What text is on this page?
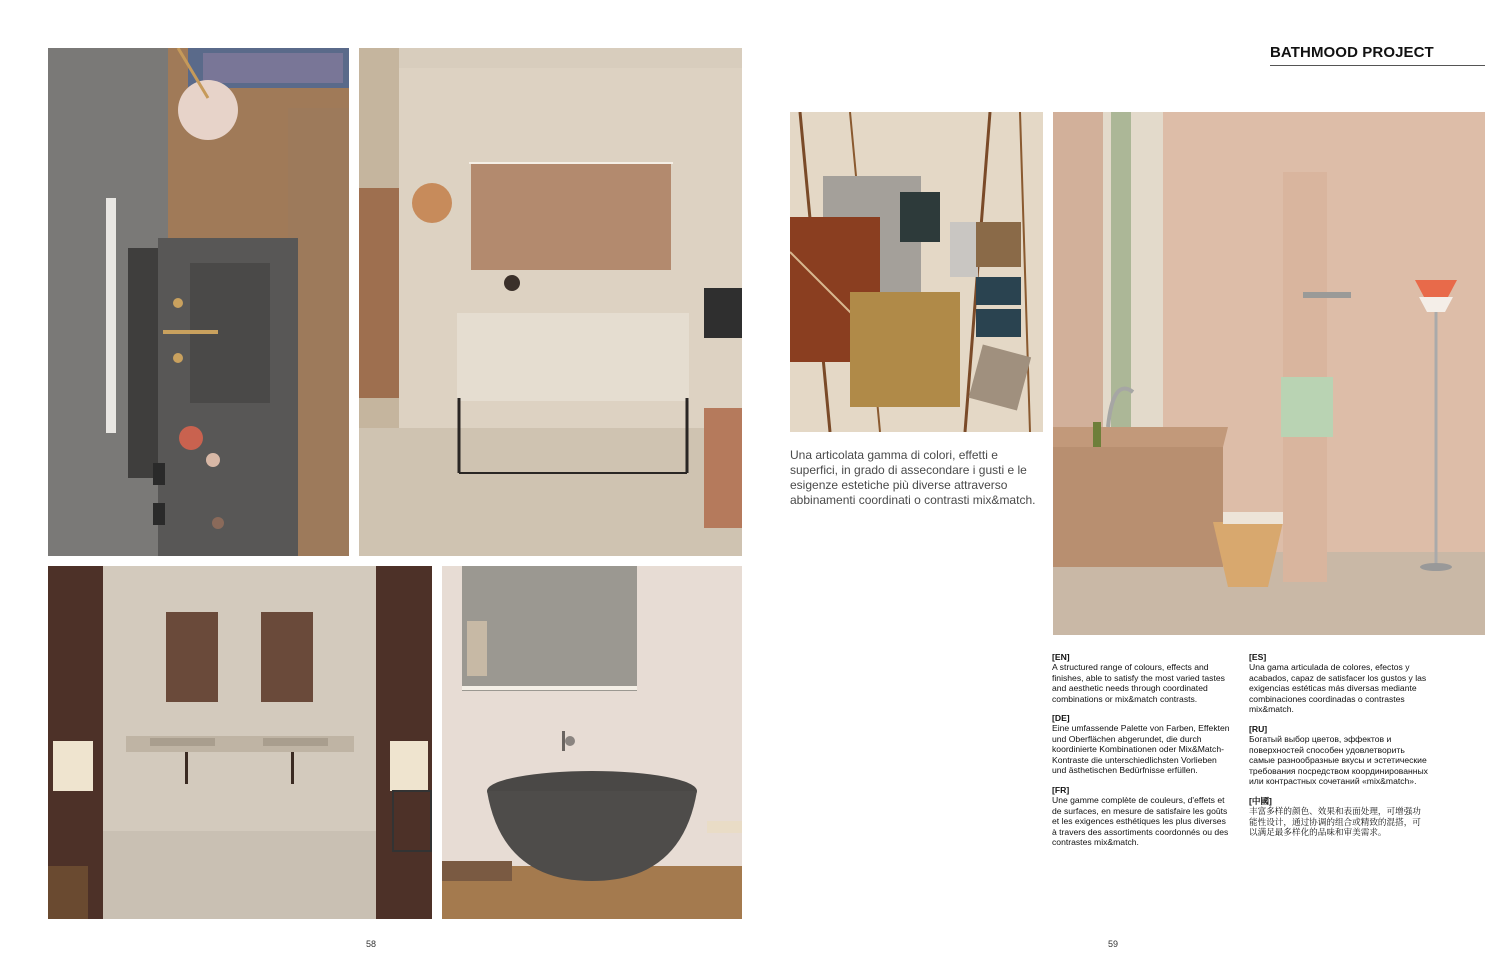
BATHMOOD PROJECT
Una articolata gamma di colori, effetti e superfici, in grado di assecondare i gusti e le esigenze estetiche più diverse attraverso abbinamenti coordinati o contrasti mix&match.
[EN]
A structured range of colours, effects and finishes, able to satisfy the most varied tastes and aesthetic needs through coordinated combinations or mix&match contrasts.
[DE]
Eine umfassende Palette von Farben, Effekten und Oberflächen abgerundet, die durch koordinierte Kombinationen oder Mix&Match-Kontraste die unterschiedlichsten Vorlieben und ästhetischen Bedürfnisse erfüllen.
[FR]
Une gamme complète de couleurs, d'effets et de surfaces, en mesure de satisfaire les goûts et les exigences esthétiques les plus diverses à travers des assortiments coordonnés ou des contrastes mix&match.
[ES]
Una gama articulada de colores, efectos y acabados, capaz de satisfacer los gustos y las exigencias estéticas más diversas mediante combinaciones coordinadas o contrastes mix&match.
[RU]
Богатый выбор цветов, эффектов и поверхностей способен удовлетворить самые разнообразные вкусы и эстетические требования посредством координированных или контрастных сочетаний «mix&match».
[中國]
丰富多样的颜色、效果和表面处理，可增强功能性设计，通过协调的组合或精致的混搭，可以满足最多样化的品味和审美需求。
58	59
